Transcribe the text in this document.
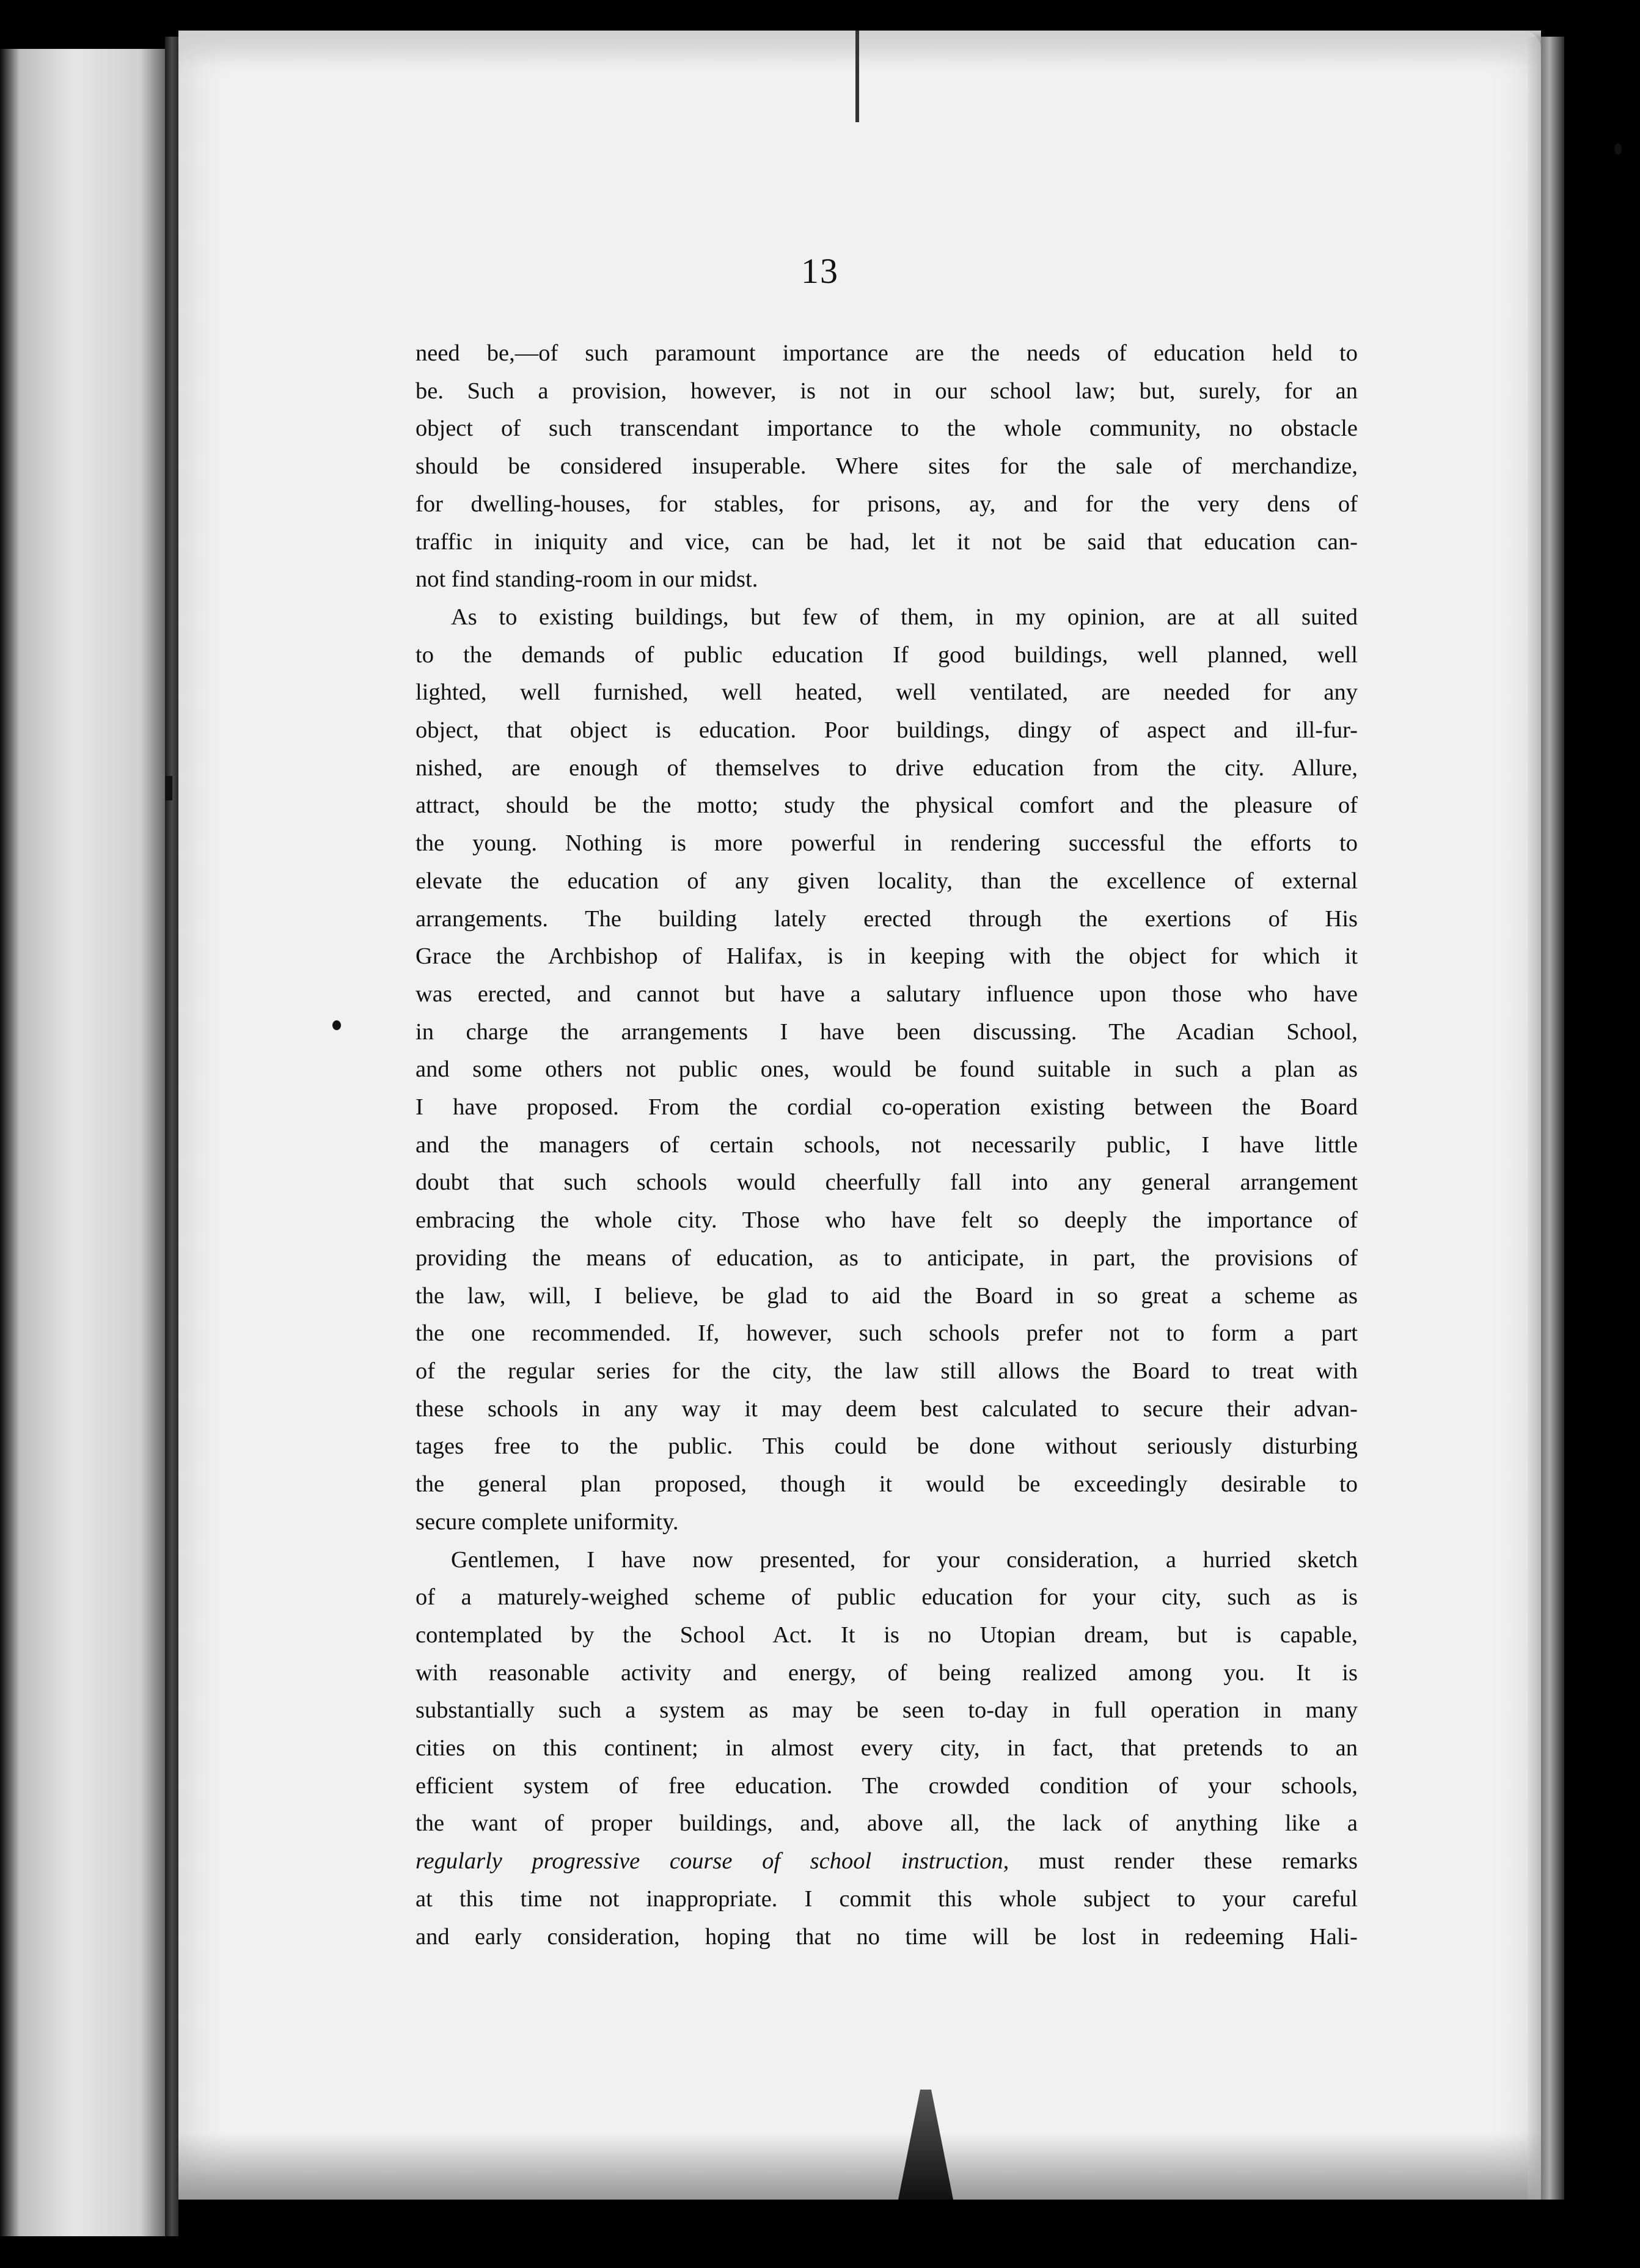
13
need be,—of such paramount importance are the needs of education held to
be. Such a provision, however, is not in our school law; but, surely, for an
object of such transcendant importance to the whole community, no obstacle
should be considered insuperable. Where sites for the sale of merchandize,
for dwelling-houses, for stables, for prisons, ay, and for the very dens of
traffic in iniquity and vice, can be had, let it not be said that education can-
not find standing-room in our midst.
As to existing buildings, but few of them, in my opinion, are at all suited
to the demands of public education If good buildings, well planned, well
lighted, well furnished, well heated, well ventilated, are needed for any
object, that object is education. Poor buildings, dingy of aspect and ill-fur-
nished, are enough of themselves to drive education from the city. Allure,
attract, should be the motto; study the physical comfort and the pleasure of
the young. Nothing is more powerful in rendering successful the efforts to
elevate the education of any given locality, than the excellence of external
arrangements. The building lately erected through the exertions of His
Grace the Archbishop of Halifax, is in keeping with the object for which it
was erected, and cannot but have a salutary influence upon those who have
in charge the arrangements I have been discussing. The Acadian School,
and some others not public ones, would be found suitable in such a plan as
I have proposed. From the cordial co-operation existing between the Board
and the managers of certain schools, not necessarily public, I have little
doubt that such schools would cheerfully fall into any general arrangement
embracing the whole city. Those who have felt so deeply the importance of
providing the means of education, as to anticipate, in part, the provisions of
the law, will, I believe, be glad to aid the Board in so great a scheme as
the one recommended. If, however, such schools prefer not to form a part
of the regular series for the city, the law still allows the Board to treat with
these schools in any way it may deem best calculated to secure their advan-
tages free to the public. This could be done without seriously disturbing
the general plan proposed, though it would be exceedingly desirable to
secure complete uniformity.
Gentlemen, I have now presented, for your consideration, a hurried sketch
of a maturely-weighed scheme of public education for your city, such as is
contemplated by the School Act. It is no Utopian dream, but is capable,
with reasonable activity and energy, of being realized among you. It is
substantially such a system as may be seen to-day in full operation in many
cities on this continent; in almost every city, in fact, that pretends to an
efficient system of free education. The crowded condition of your schools,
the want of proper buildings, and, above all, the lack of anything like a
regularly progressive course of school instruction, must render these remarks
at this time not inappropriate. I commit this whole subject to your careful
and early consideration, hoping that no time will be lost in redeeming Hali-
